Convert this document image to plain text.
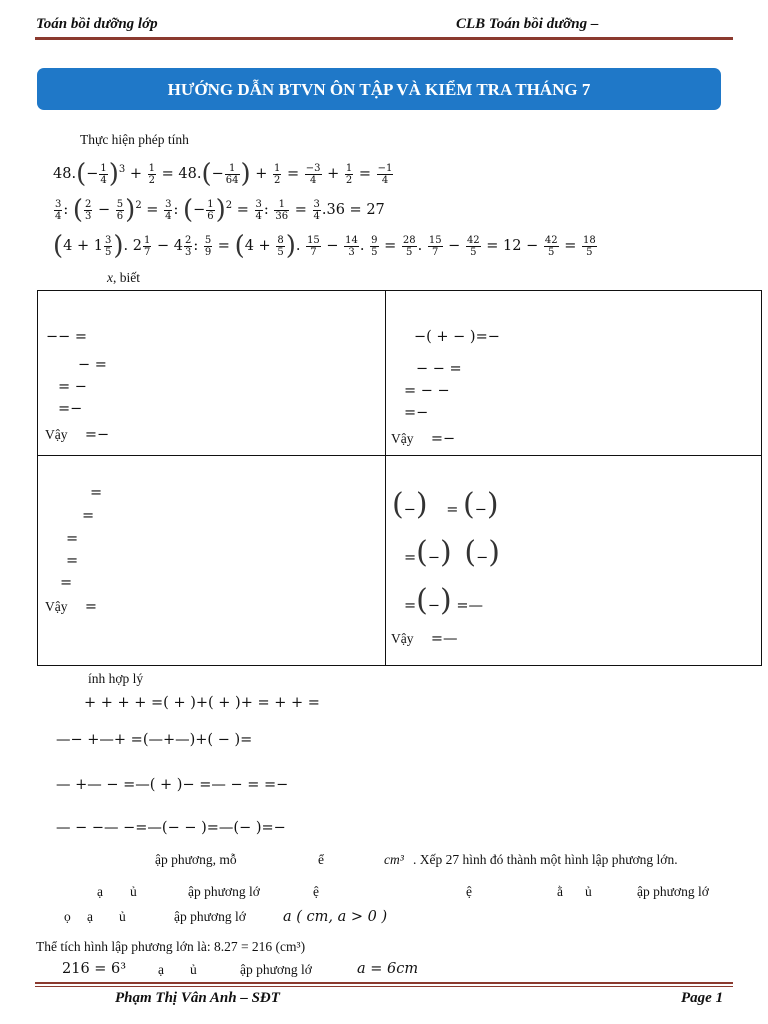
Toán bồi dưỡng lớp	CLB Toán bồi dưỡng –
HƯỚNG DẪN BTVN ÔN TẬP VÀ KIỂM TRA THÁNG 7
Thực hiện phép tính
$48.(- \frac{1}{4} )^3 + \frac{1}{2} = 48.(- \frac{1}{64}$ ) + $\frac{1}{2} = \frac{-3}{4} + \frac{1}{2} = \frac{-1}{4}$
$\frac{3}{4}$ : ( $\frac{2}{3} - \frac{5}{6} )^2 = \frac{3}{4}$ : (− $\frac{1}{6} )^2 = \frac{3}{4}$ : $\frac{1}{36} = \frac{3}{4} .36 = 27$
($4 + 1 \frac{3}{5}$ ). $2 \frac{1}{7} - 4 \frac{2}{3}$ : $\frac{5}{9} = (4 + \frac{8}{5}$ ). $\frac{15}{7} - \frac{14}{3}$ . $\frac{9}{5} = \frac{28}{5}$ . $\frac{15}{7} - \frac{42}{5} = 12 - \frac{42}{5} = \frac{18}{5}$
x, biết
−− =
− =
= −
=−
Vậy =−
−( + − )=−
− − =
= − −
=−
Vậy =−
=
=
=
=
=
Vậy =
(−) = (−)
=(−) (−)
=(−) =—
Vậy =—
ính hợp lý
+ + + + =( + )+( + )+ = + + =
—− +—+ =(—+—)+( − )=
— +— − =—( + )− =— − = =−
— − −— −=—(− − )=—(− )=−
ập phương, mỗ	ể	cm³ . Xếp 27 hình đó thành một hình lập phương lớn.
ạ ủ	ập phương lớ	ệ	ệ	ằ ủ	ập phương lớ
ọ ạ ủ	ập phương lớ	a ( cm, a > 0 )
Thể tích hình lập phương lớn là: 8.27 = 216 (cm³)
216 = 6³ ạ ủ	ập phương lớ	a = 6cm
Phạm Thị Vân Anh – SĐT	Page 1
